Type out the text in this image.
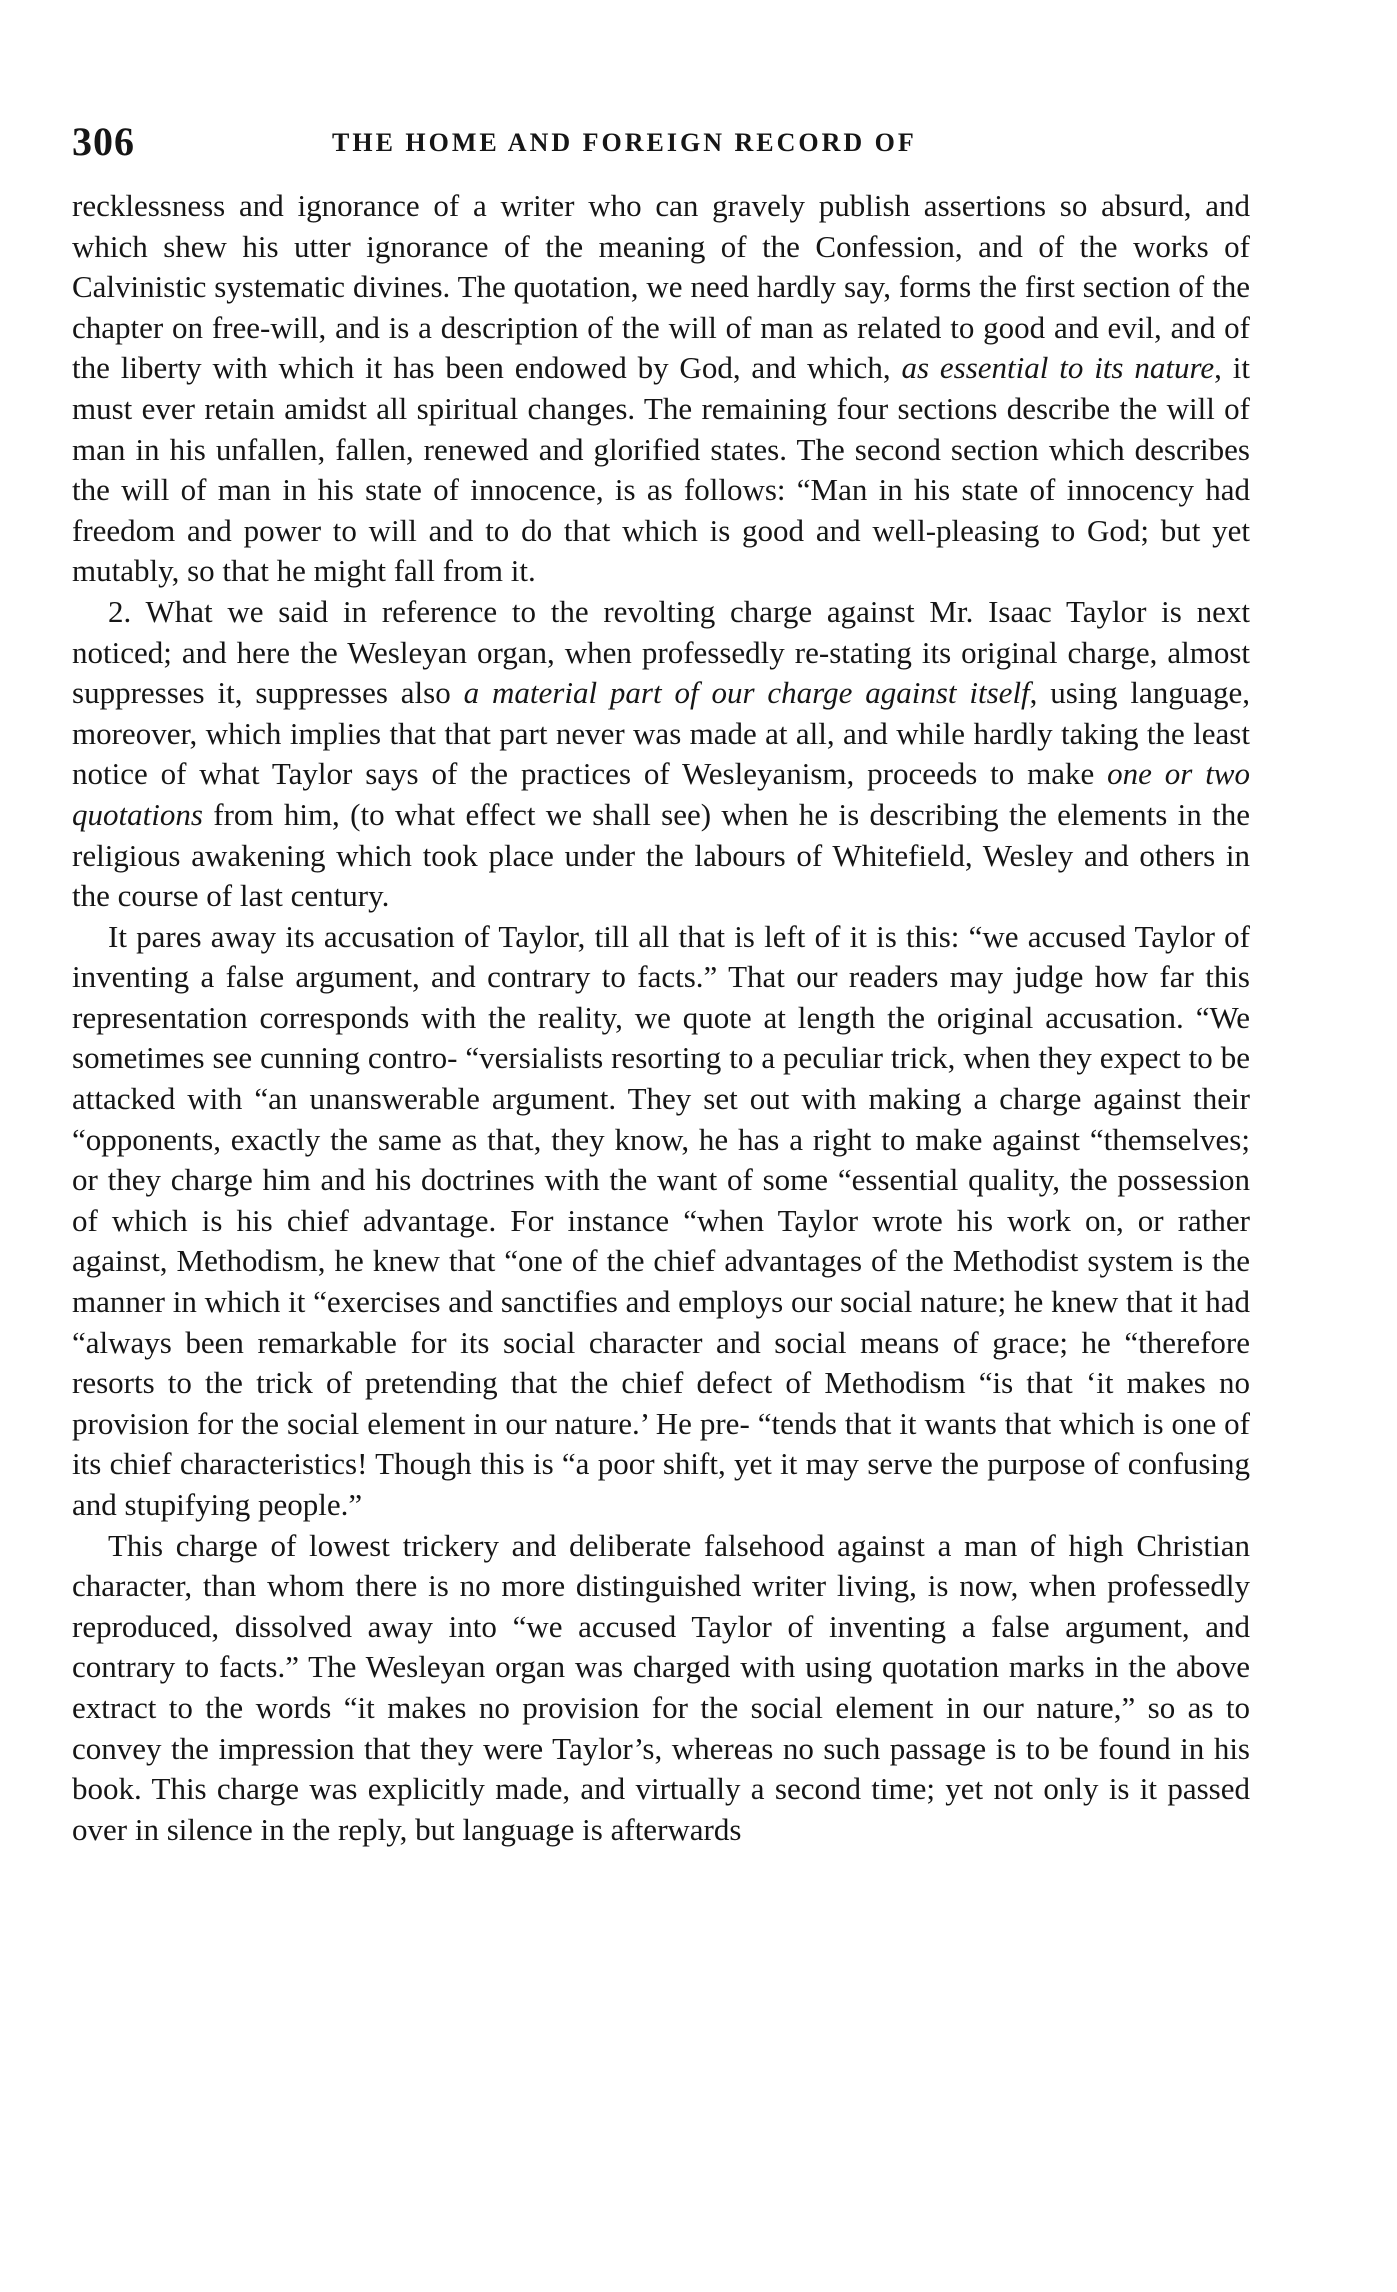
306	THE HOME AND FOREIGN RECORD OF

recklessness and ignorance of a writer who can gravely publish assertions so absurd, and which shew his utter ignorance of the meaning of the Confession, and of the works of Calvinistic systematic divines. The quotation, we need hardly say, forms the first section of the chapter on free-will, and is a description of the will of man as related to good and evil, and of the liberty with which it has been endowed by God, and which, as essential to its nature, it must ever retain amidst all spiritual changes. The remaining four sections describe the will of man in his unfallen, fallen, renewed and glorified states. The second section which describes the will of man in his state of innocence, is as follows: “Man in his state of innocency had freedom and power to will and to do that which is good and well-pleasing to God; but yet mutably, so that he might fall from it.

2. What we said in reference to the revolting charge against Mr. Isaac Taylor is next noticed; and here the Wesleyan organ, when professedly re-stating its original charge, almost suppresses it, suppresses also a material part of our charge against itself, using language, moreover, which implies that that part never was made at all, and while hardly taking the least notice of what Taylor says of the practices of Wesleyanism, proceeds to make one or two quotations from him, (to what effect we shall see) when he is describing the elements in the religious awakening which took place under the labours of Whitefield, Wesley and others in the course of last century.

It pares away its accusation of Taylor, till all that is left of it is this: “we accused Taylor of inventing a false argument, and contrary to facts.” That our readers may judge how far this representation corresponds with the reality, we quote at length the original accusation. “We sometimes see cunning contro- “versialists resorting to a peculiar trick, when they expect to be attacked with “an unanswerable argument. They set out with making a charge against their “opponents, exactly the same as that, they know, he has a right to make against “themselves; or they charge him and his doctrines with the want of some “essential quality, the possession of which is his chief advantage. For instance “when Taylor wrote his work on, or rather against, Methodism, he knew that “one of the chief advantages of the Methodist system is the manner in which it “exercises and sanctifies and employs our social nature; he knew that it had “always been remarkable for its social character and social means of grace; he “therefore resorts to the trick of pretending that the chief defect of Methodism “is that ‘it makes no provision for the social element in our nature.’ He pre- “tends that it wants that which is one of its chief characteristics! Though this is “a poor shift, yet it may serve the purpose of confusing and stupifying people.”

This charge of lowest trickery and deliberate falsehood against a man of high Christian character, than whom there is no more distinguished writer living, is now, when professedly reproduced, dissolved away into “we accused Taylor of inventing a false argument, and contrary to facts.” The Wesleyan organ was charged with using quotation marks in the above extract to the words “it makes no provision for the social element in our nature,” so as to convey the impression that they were Taylor’s, whereas no such passage is to be found in his book. This charge was explicitly made, and virtually a second time; yet not only is it passed over in silence in the reply, but language is afterwards
